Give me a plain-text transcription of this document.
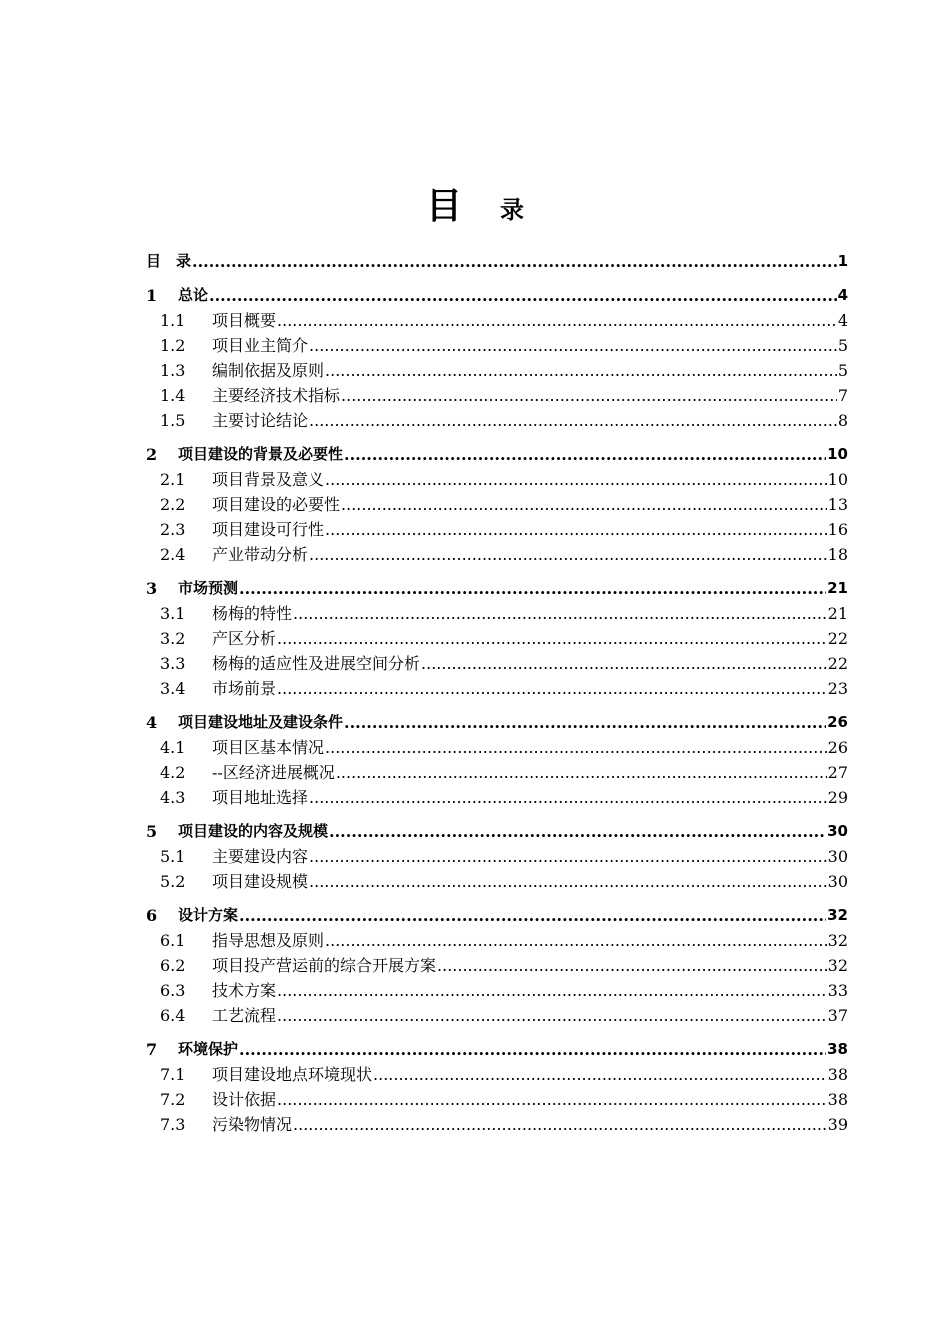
目 录
目　录 .....	1
1	总论 .....	4
1.1	项目概要 .....	4
1.2	项目业主简介 .....	5
1.3	编制依据及原则 .....	5
1.4	主要经济技术指标 .....	7
1.5	主要讨论结论 .....	8
2	项目建设的背景及必要性 .....	10
2.1	项目背景及意义 .....	10
2.2	项目建设的必要性 .....	13
2.3	项目建设可行性 .....	16
2.4	产业带动分析 .....	18
3	市场预测 .....	21
3.1	杨梅的特性 .....	21
3.2	产区分析 .....	22
3.3	杨梅的适应性及进展空间分析 .....	22
3.4	市场前景 .....	23
4	项目建设地址及建设条件 .....	26
4.1	项目区基本情况 .....	26
4.2	--区经济进展概况 .....	27
4.3	项目地址选择 .....	29
5	项目建设的内容及规模 .....	30
5.1	主要建设内容 .....	30
5.2	项目建设规模 .....	30
6	设计方案 .....	32
6.1	指导思想及原则 .....	32
6.2	项目投产营运前的综合开展方案 .....	32
6.3	技术方案 .....	33
6.4	工艺流程 .....	37
7	环境保护 .....	38
7.1	项目建设地点环境现状 .....	38
7.2	设计依据 .....	38
7.3	污染物情况 .....	39
